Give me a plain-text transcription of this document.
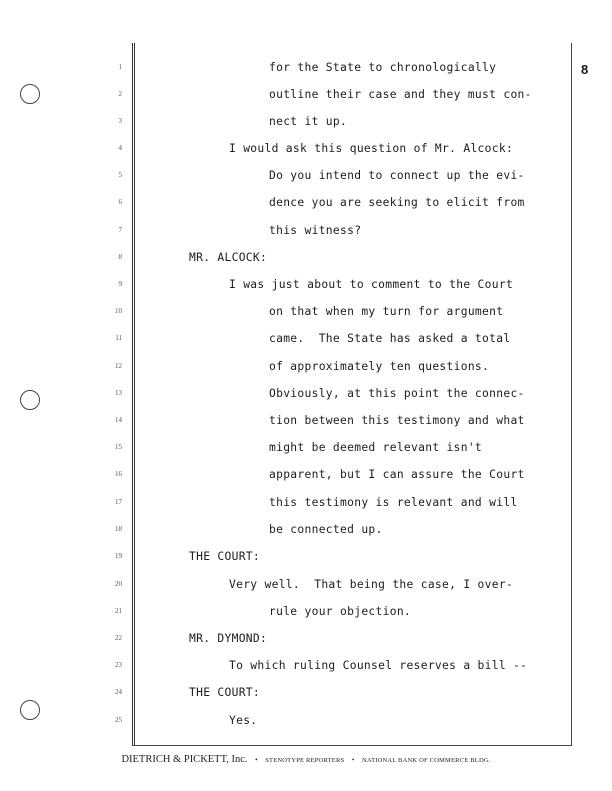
8
1
2
3
4
5
6
7
8
9
10
11
12
13
14
15
16
17
18
19
20
21
22
23
24
25
for the State to chronologically
outline their case and they must con-
nect it up.
I would ask this question of Mr. Alcock:
Do you intend to connect up the evi-
dence you are seeking to elicit from
this witness?
MR. ALCOCK:
I was just about to comment to the Court
on that when my turn for argument
came.  The State has asked a total
of approximately ten questions.
Obviously, at this point the connec-
tion between this testimony and what
might be deemed relevant isn't
apparent, but I can assure the Court
this testimony is relevant and will
be connected up.
THE COURT:
Very well.  That being the case, I over-
rule your objection.
MR. DYMOND:
To which ruling Counsel reserves a bill --
THE COURT:
Yes.
DIETRICH & PICKETT, Inc. • STENOTYPE REPORTERS • NATIONAL BANK OF COMMERCE BLDG.
